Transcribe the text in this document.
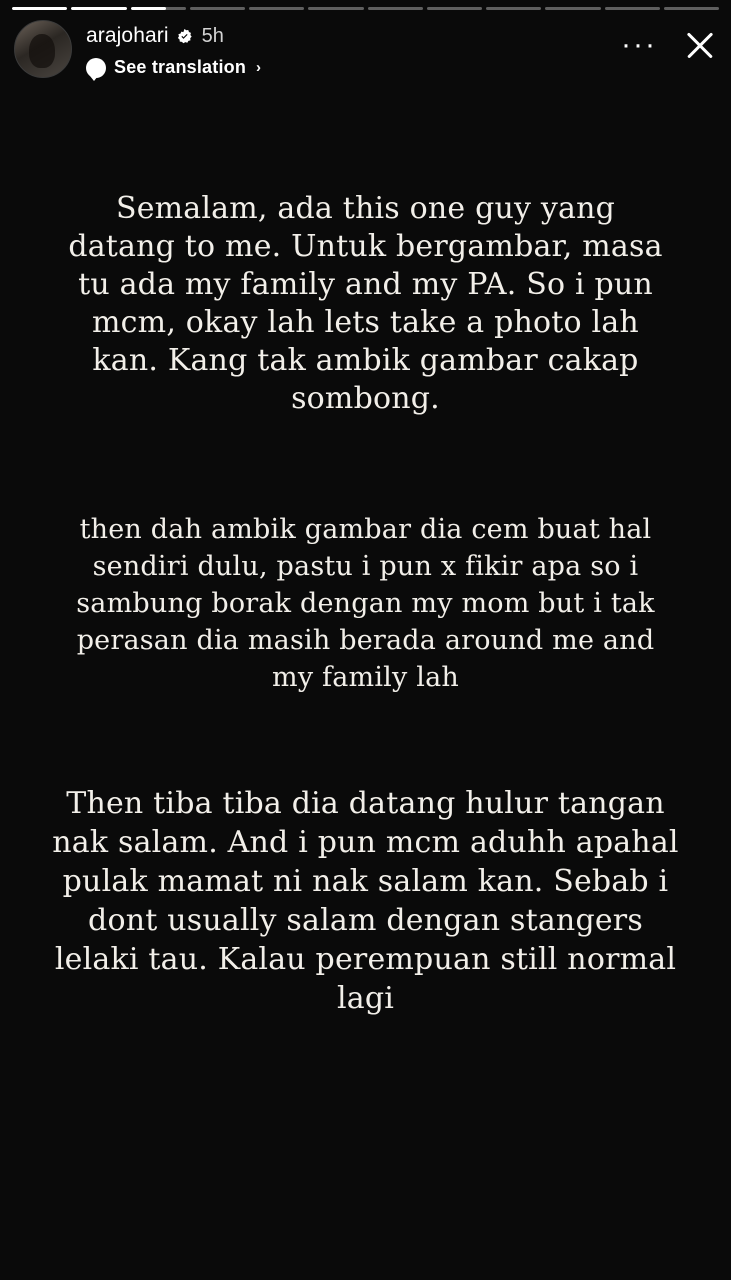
arajohari 5h
See translation ›
···

Semalam, ada this one guy yang datang to me. Untuk bergambar, masa tu ada my family and my PA. So i pun mcm, okay lah lets take a photo lah kan. Kang tak ambik gambar cakap sombong.

then dah ambik gambar dia cem buat hal sendiri dulu, pastu i pun x fikir apa so i sambung borak dengan my mom but i tak perasan dia masih berada around me and my family lah

Then tiba tiba dia datang hulur tangan nak salam. And i pun mcm aduhh apahal pulak mamat ni nak salam kan. Sebab i dont usually salam dengan stangers lelaki tau. Kalau perempuan still normal lagi
